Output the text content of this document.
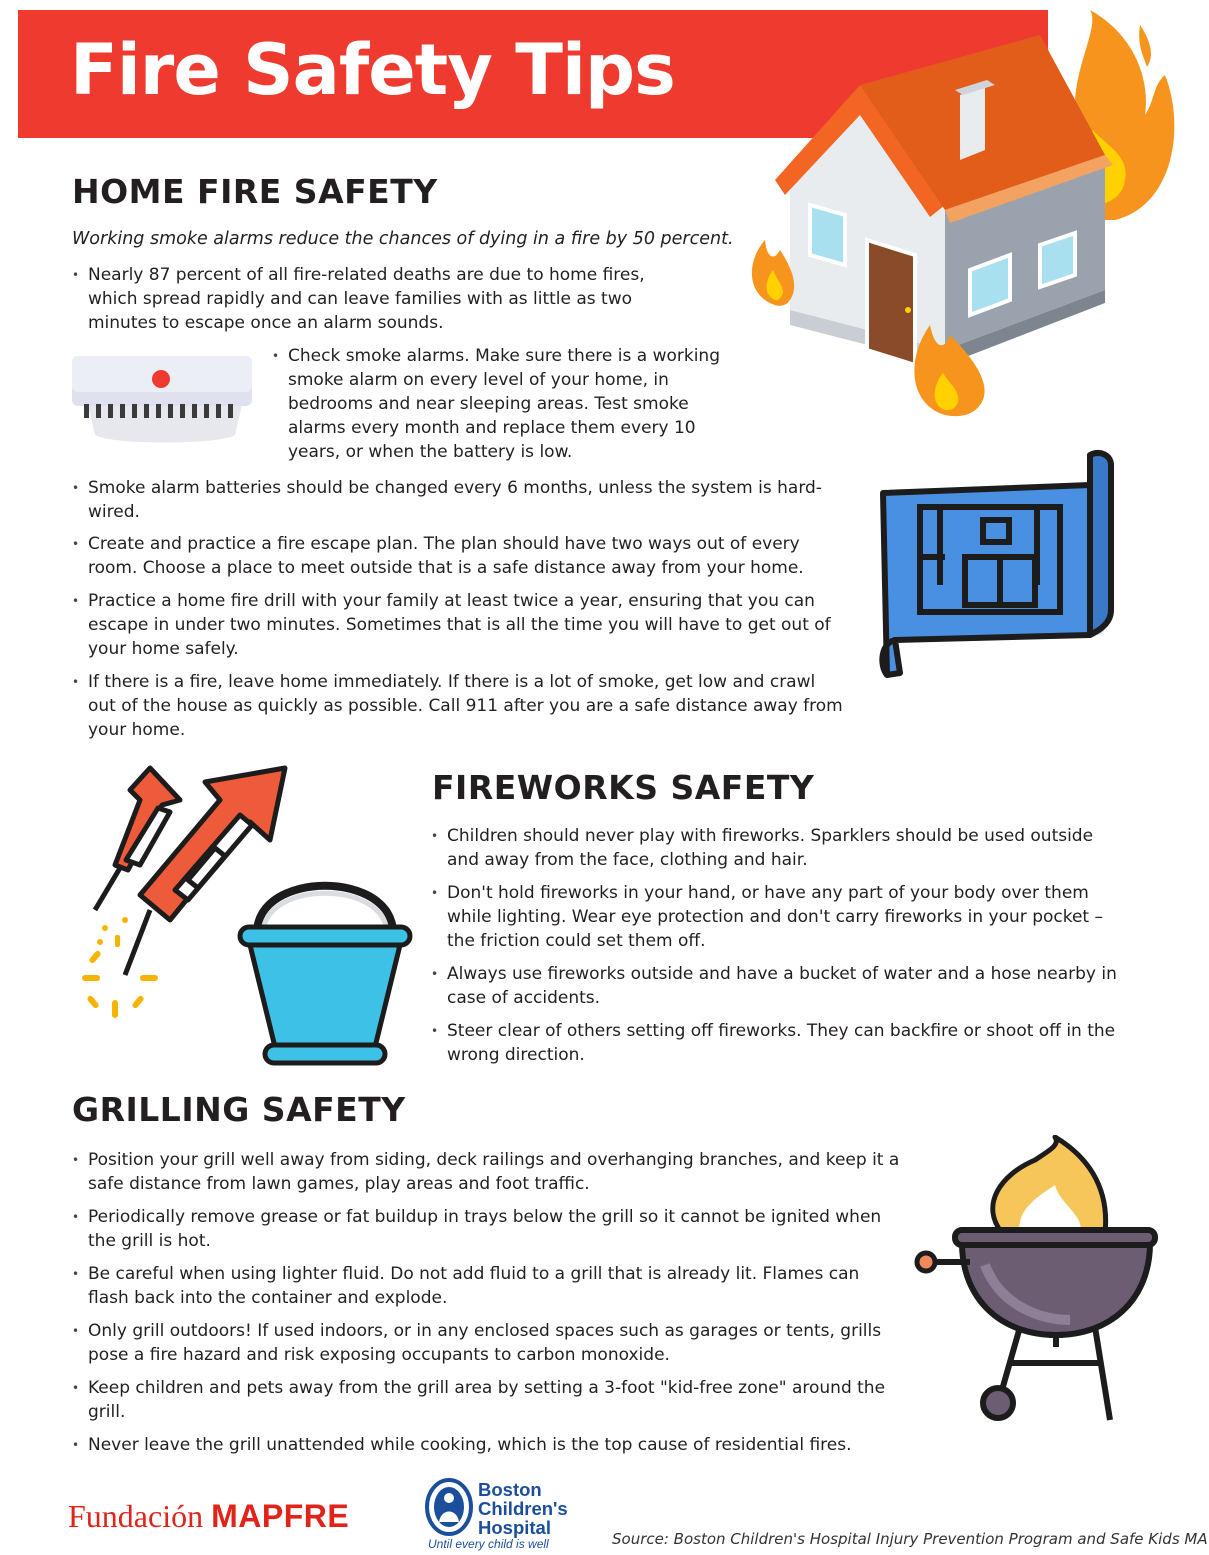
Fire Safety Tips
HOME FIRE SAFETY

Working smoke alarms reduce the chances of dying in a fire by 50 percent.

• Nearly 87 percent of all fire-related deaths are due to home fires, which spread rapidly and can leave families with as little as two minutes to escape once an alarm sounds.
• Check smoke alarms. Make sure there is a working smoke alarm on every level of your home, in bedrooms and near sleeping areas. Test smoke alarms every month and replace them every 10 years, or when the battery is low.
• Smoke alarm batteries should be changed every 6 months, unless the system is hard-wired.
• Create and practice a fire escape plan. The plan should have two ways out of every room. Choose a place to meet outside that is a safe distance away from your home.
• Practice a home fire drill with your family at least twice a year, ensuring that you can escape in under two minutes. Sometimes that is all the time you will have to get out of your home safely.
• If there is a fire, leave home immediately. If there is a lot of smoke, get low and crawl out of the house as quickly as possible. Call 911 after you are a safe distance away from your home.
FIREWORKS SAFETY
• Children should never play with fireworks. Sparklers should be used outside and away from the face, clothing and hair.
• Don't hold fireworks in your hand, or have any part of your body over them while lighting. Wear eye protection and don't carry fireworks in your pocket – the friction could set them off.
• Always use fireworks outside and have a bucket of water and a hose nearby in case of accidents.
• Steer clear of others setting off fireworks. They can backfire or shoot off in the wrong direction.
GRILLING SAFETY
• Position your grill well away from siding, deck railings and overhanging branches, and keep it a safe distance from lawn games, play areas and foot traffic.
• Periodically remove grease or fat buildup in trays below the grill so it cannot be ignited when the grill is hot.
• Be careful when using lighter fluid. Do not add fluid to a grill that is already lit. Flames can flash back into the container and explode.
• Only grill outdoors! If used indoors, or in any enclosed spaces such as garages or tents, grills pose a fire hazard and risk exposing occupants to carbon monoxide.
• Keep children and pets away from the grill area by setting a 3-foot "kid-free zone" around the grill.
• Never leave the grill unattended while cooking, which is the top cause of residential fires.
Fundación MAPFRE
Boston
Children's
Hospital
Until every child is well	Source: Boston Children's Hospital Injury Prevention Program and Safe Kids MA
